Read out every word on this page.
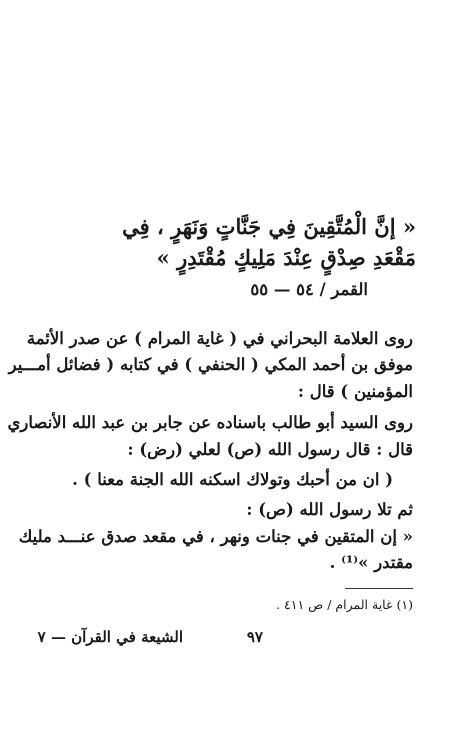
« إنَّ الْمُتَّقِينَ فِي جَنَّاتٍ وَنَهَرٍ ، فِي
مَقْعَدِ صِدْقٍ عِنْدَ مَلِيكٍ مُقْتَدِرٍ »
القمر / ٥٤ — ٥٥
روى العلامة البحراني في ( غاية المرام ) عن صدر الأئمة
موفق بن أحمد المكي ( الحنفي ) في كتابه ( فضائل أمـــير
المؤمنين ) قال :
روى السيد أبو طالب باسناده عن جابر بن عبد الله الأنصاري
قال : قال رسول الله (ص) لعلي (رض) :
( ان من أحبك وتولاك اسكنه الله الجنة معنا ) .
ثم تلا رسول الله (ص) :
« إن المتقين في جنات ونهر ، في مقعد صدق عنـــد مليك
مقتدر »⁽¹⁾ .
(١) غاية المرام / ص ٤١١ .
٩٧
الشيعة في القرآن — ٧
